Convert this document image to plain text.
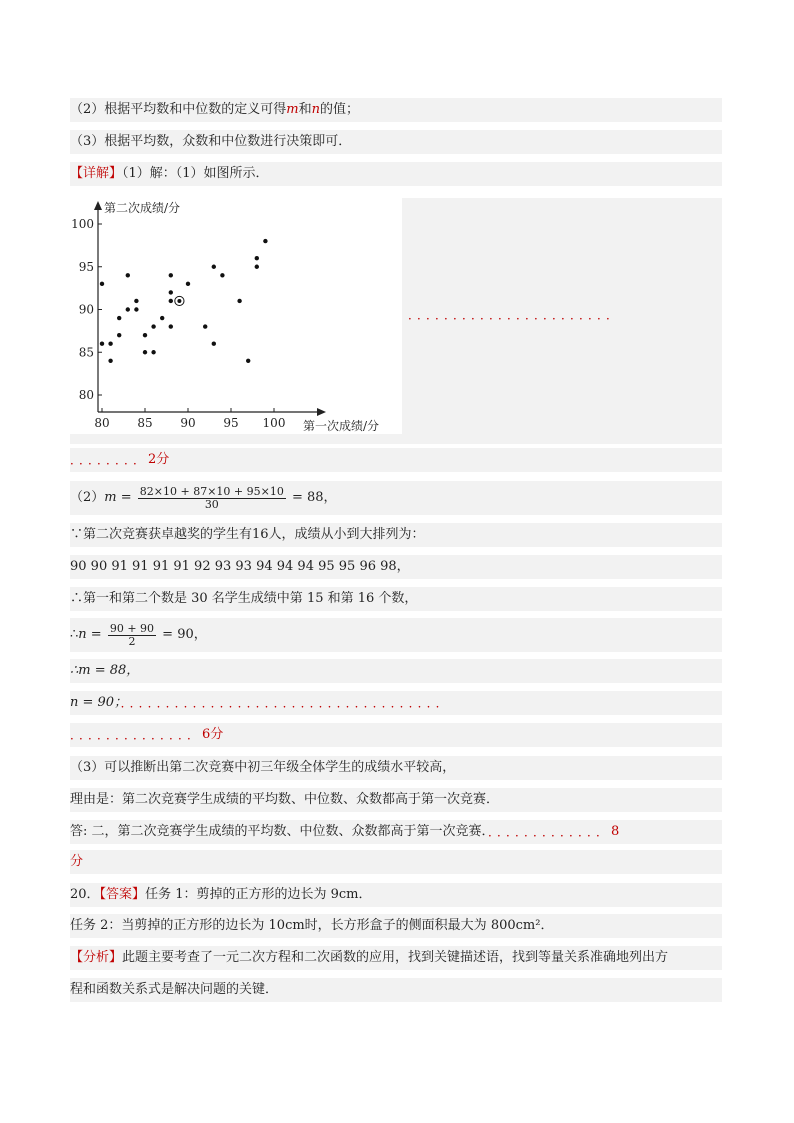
（2）根据平均数和中位数的定义可得m和n的值；
（3）根据平均数，众数和中位数进行决策即可．
【详解】（1）解：（1）如图所示．
80 85 90 95 100
80
85
90
95
100
第二次成绩/分
第一次成绩/分
．．．．．．．．．．．．．．．．．．．．．．．
．．．．．．．．2分
$(2)m = \frac{82\times 10 + 87\times 10 + 95\times 10}{30} = 88$，
∵第二次竞赛获卓越奖的学生有16人，成绩从小到大排列为：
90 90 91 91 91 91 92 93 93 94 94 94 95 95 96 98，
∴第一和第二个数是 30 名学生成绩中第 15 和第 16 个数，
∴n = $\frac{90 + 90}{2} = 90$，
∴m = 88，
n = 90；．．．．．．．．．．．．．．．．．．．．．．．．．．．．．．．．．．．．
．．．．．．．．．．．．．．6分
（3）可以推断出第二次竞赛中初三年级全体学生的成绩水平较高，
理由是：第二次竞赛学生成绩的平均数、中位数、众数都高于第一次竞赛．
答: 二，第二次竞赛学生成绩的平均数、中位数、众数都高于第一次竞赛．．．．．．．．．．．．．．8
分
20．【答案】任务 1：剪掉的正方形的边长为 9cm．
任务 2：当剪掉的正方形的边长为 10cm时，长方形盒子的侧面积最大为 800cm²．
【分析】此题主要考查了一元二次方程和二次函数的应用，找到关键描述语，找到等量关系准确地列出方
程和函数关系式是解决问题的关键．
